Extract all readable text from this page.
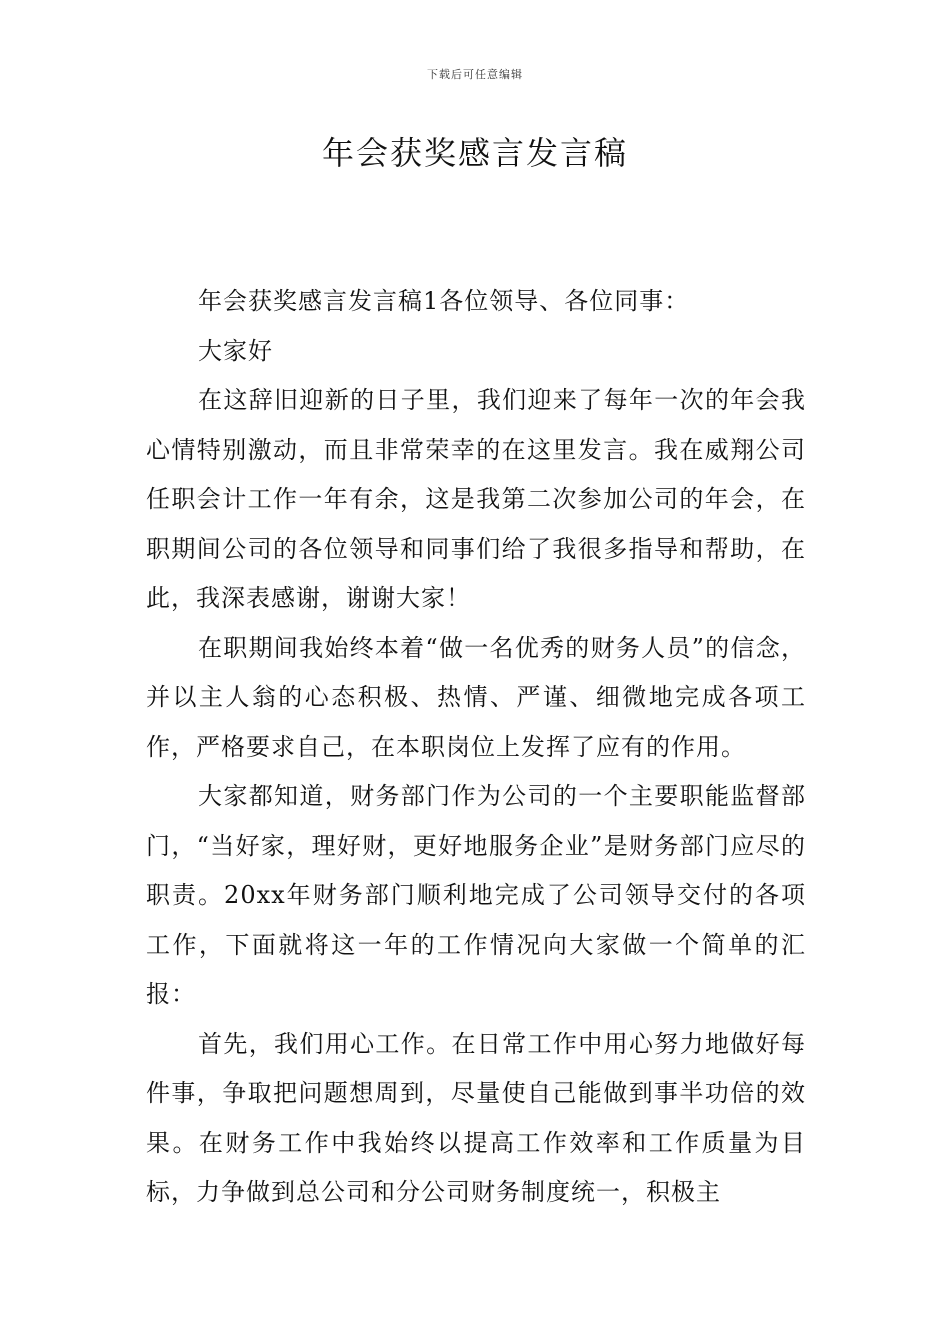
下载后可任意编辑
年会获奖感言发言稿

年会获奖感言发言稿1各位领导、各位同事：

大家好

在这辞旧迎新的日子里，我们迎来了每年一次的年会我心情特别激动，而且非常荣幸的在这里发言。我在威翔公司任职会计工作一年有余，这是我第二次参加公司的年会，在职期间公司的各位领导和同事们给了我很多指导和帮助，在此，我深表感谢，谢谢大家！

在职期间我始终本着“做一名优秀的财务人员”的信念，并以主人翁的心态积极、热情、严谨、细微地完成各项工作，严格要求自己，在本职岗位上发挥了应有的作用。

大家都知道，财务部门作为公司的一个主要职能监督部门，“当好家，理好财，更好地服务企业”是财务部门应尽的职责。20xx年财务部门顺利地完成了公司领导交付的各项工作，下面就将这一年的工作情况向大家做一个简单的汇报：

首先，我们用心工作。在日常工作中用心努力地做好每件事，争取把问题想周到，尽量使自己能做到事半功倍的效果。在财务工作中我始终以提高工作效率和工作质量为目标，力争做到总公司和分公司财务制度统一，积极主
